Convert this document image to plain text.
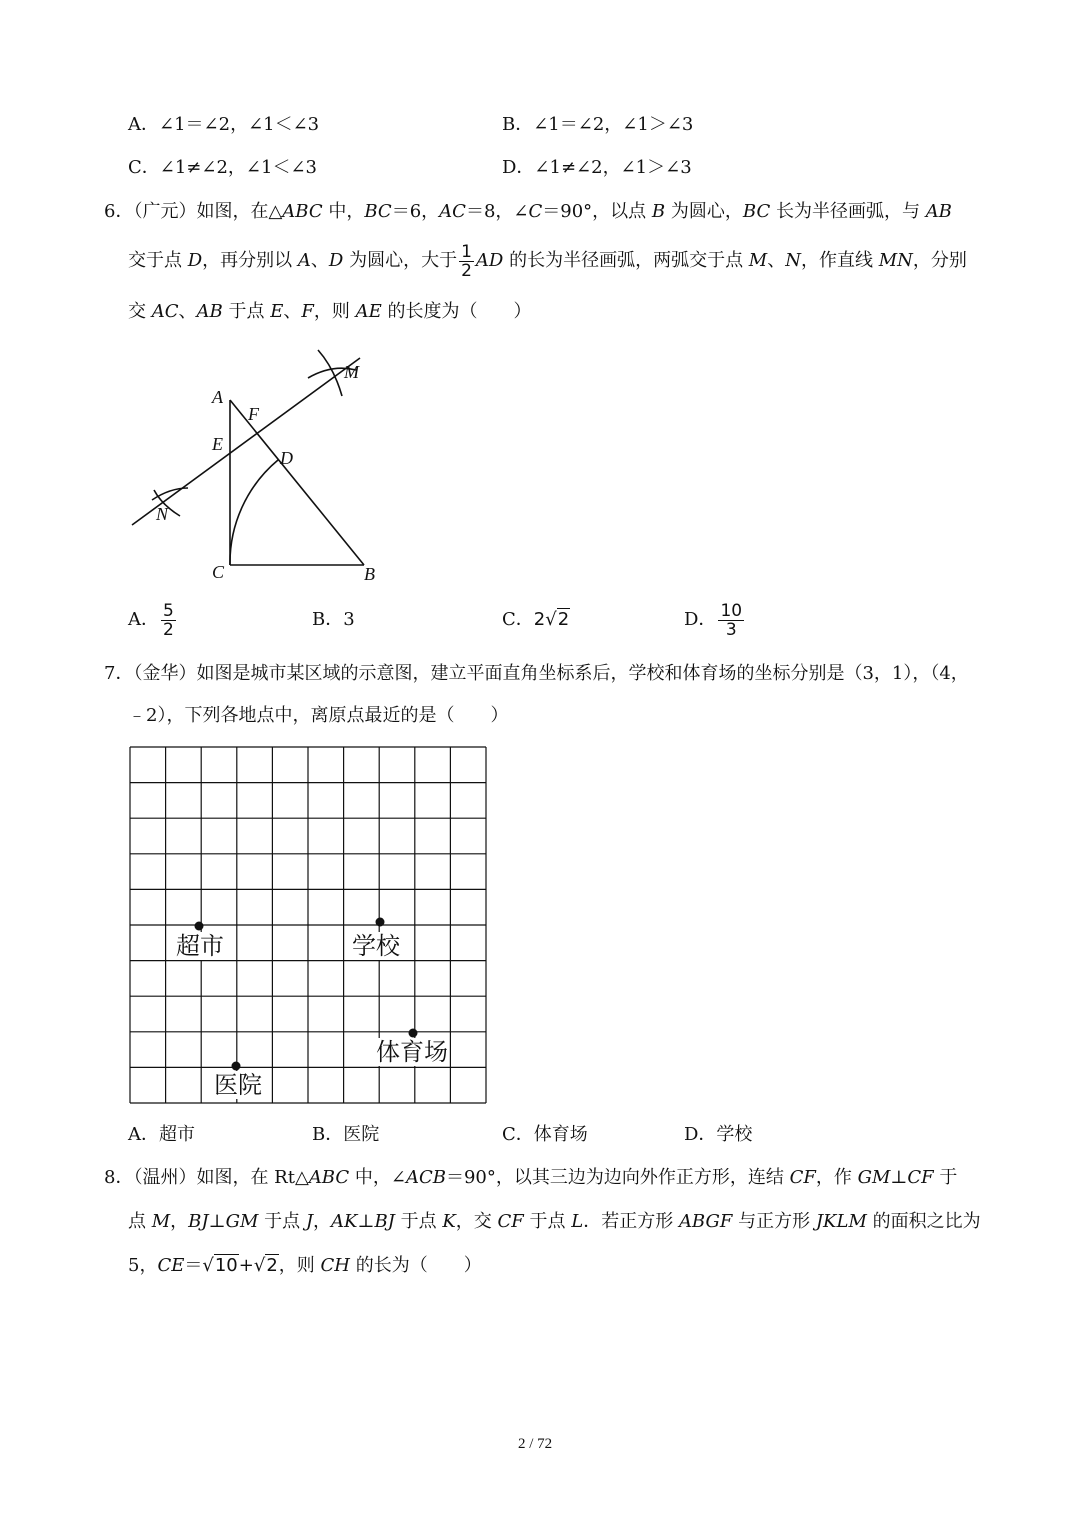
A．∠1＝∠2，∠1＜∠3	B．∠1＝∠2，∠1＞∠3
C．∠1≠∠2，∠1＜∠3	D．∠1≠∠2，∠1＞∠3
6．（广元）如图，在△ABC 中，BC＝6，AC＝8，∠C＝90°，以点 B 为圆心，BC 长为半径画弧，与 AB
交于点 D，再分别以 A、D 为圆心，大于 $\frac{1}{2}$ AD 的长为半径画弧，两弧交于点 M、N，作直线 MN，分别
交 AC、AB 于点 E、F，则 AE 的长度为（　　）
A
F
E
D
M
N
C	B
A． $\frac{5}{2}$	B．3	C．2√2	D． $\frac{10}{3}$
7．（金华）如图是城市某区域的示意图，建立平面直角坐标系后，学校和体育场的坐标分别是（3，1），（4，
﹣2），下列各地点中，离原点最近的是（　　）
超市	学校
体育场
医院
A．超市	B．医院	C．体育场	D．学校
8．（温州）如图，在 Rt△ABC 中，∠ACB＝90°，以其三边为边向外作正方形，连结 CF，作 GM⊥CF 于
点 M，BJ⊥GM 于点 J，AK⊥BJ 于点 K，交 CF 于点 L．若正方形 ABGF 与正方形 JKLM 的面积之比为
5，CE＝√10+√2，则 CH 的长为（　　）
2 / 72
